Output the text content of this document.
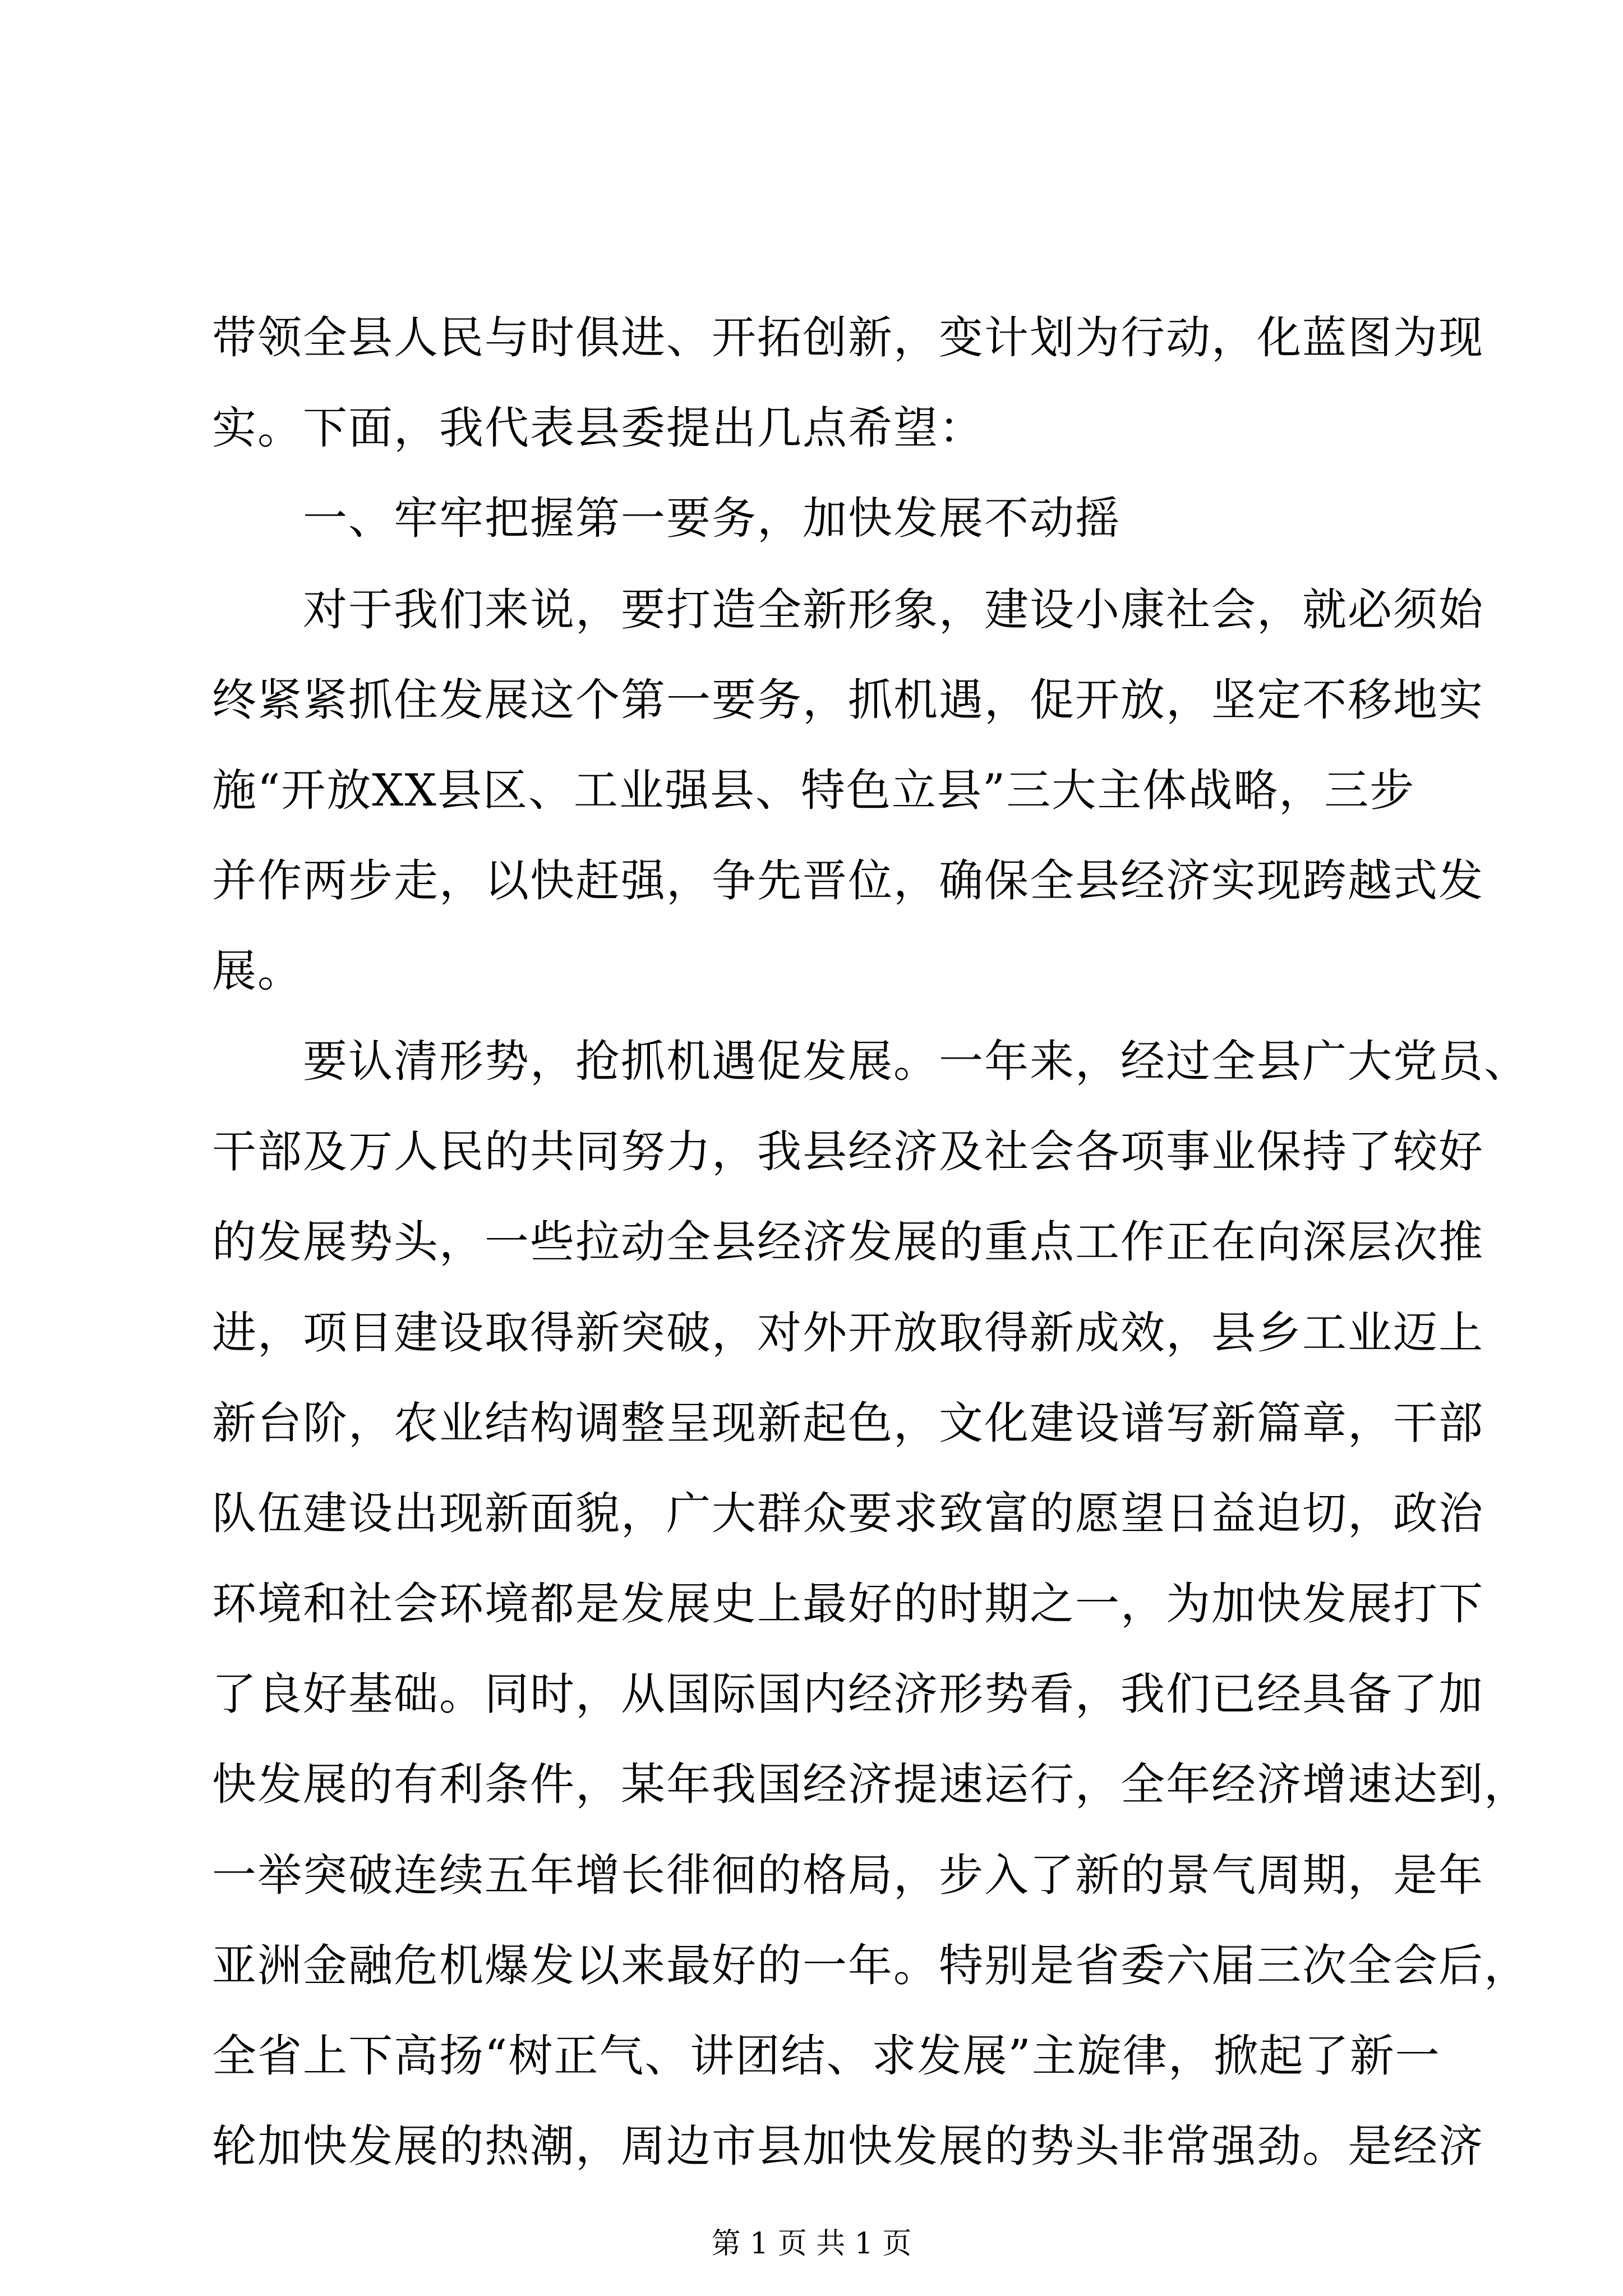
带领全县人民与时俱进、开拓创新，变计划为行动，化蓝图为现
实。下面，我代表县委提出几点希望：
一、牢牢把握第一要务，加快发展不动摇
对于我们来说，要打造全新形象，建设小康社会，就必须始
终紧紧抓住发展这个第一要务，抓机遇，促开放，坚定不移地实
施“开放XX县区、工业强县、特色立县”三大主体战略，三步
并作两步走，以快赶强，争先晋位，确保全县经济实现跨越式发
展。
要认清形势，抢抓机遇促发展。一年来，经过全县广大党员、
干部及万人民的共同努力，我县经济及社会各项事业保持了较好
的发展势头，一些拉动全县经济发展的重点工作正在向深层次推
进，项目建设取得新突破，对外开放取得新成效，县乡工业迈上
新台阶，农业结构调整呈现新起色，文化建设谱写新篇章，干部
队伍建设出现新面貌，广大群众要求致富的愿望日益迫切，政治
环境和社会环境都是发展史上最好的时期之一，为加快发展打下
了良好基础。同时，从国际国内经济形势看，我们已经具备了加
快发展的有利条件，某年我国经济提速运行，全年经济增速达到，
一举突破连续五年增长徘徊的格局，步入了新的景气周期，是年
亚洲金融危机爆发以来最好的一年。特别是省委六届三次全会后，
全省上下高扬“树正气、讲团结、求发展”主旋律，掀起了新一
轮加快发展的热潮，周边市县加快发展的势头非常强劲。是经济
第 1 页 共 1 页
